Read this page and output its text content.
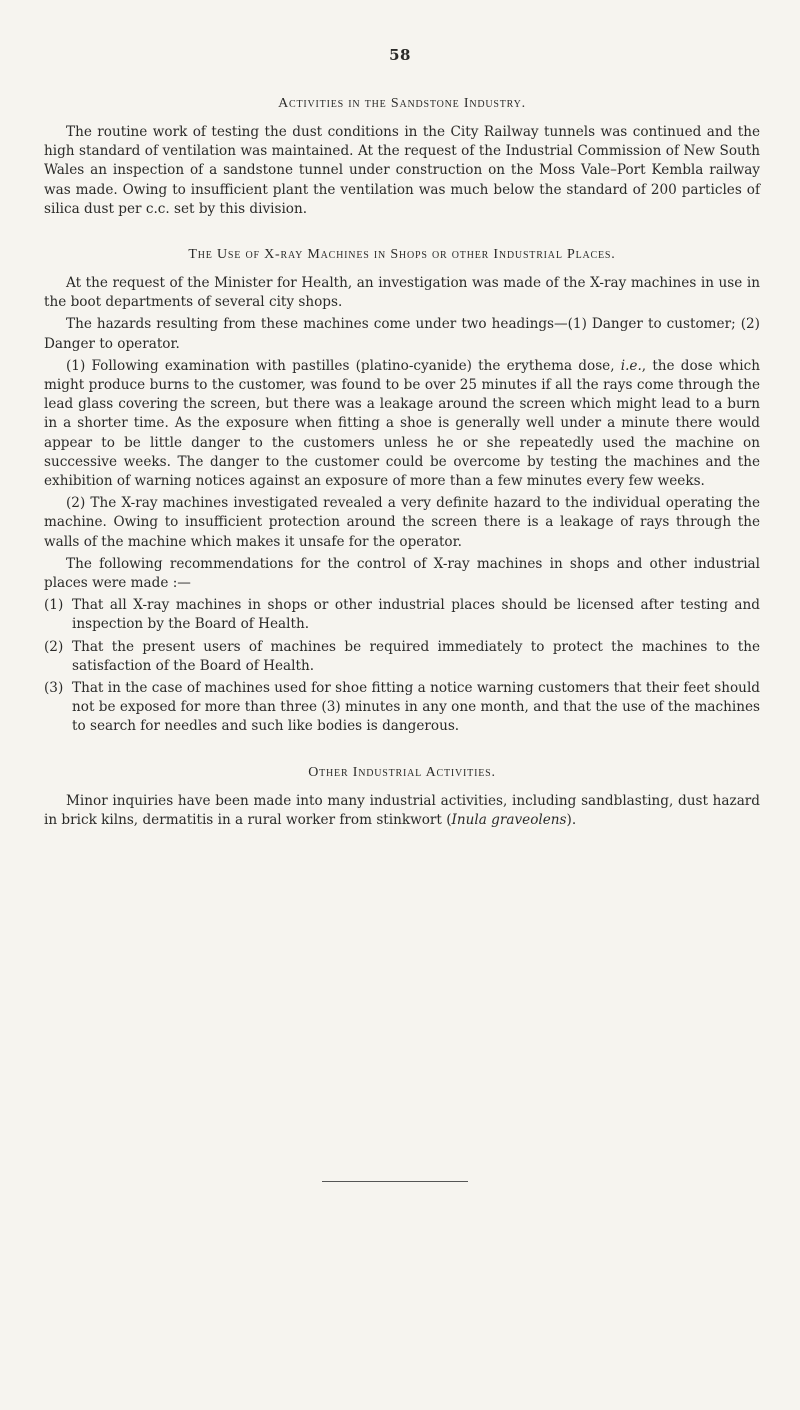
58
Activities in the Sandstone Industry.

The routine work of testing the dust conditions in the City Railway tunnels was continued and the high standard of ventilation was maintained. At the request of the Industrial Commission of New South Wales an inspection of a sandstone tunnel under construction on the Moss Vale–Port Kembla railway was made. Owing to insufficient plant the ventilation was much below the standard of 200 particles of silica dust per c.c. set by this division.

The Use of X-ray Machines in Shops or other Industrial Places.

At the request of the Minister for Health, an investigation was made of the X-ray machines in use in the boot departments of several city shops.

The hazards resulting from these machines come under two headings—(1) Danger to customer; (2) Danger to operator.

(1) Following examination with pastilles (platino-cyanide) the erythema dose, i.e., the dose which might produce burns to the customer, was found to be over 25 minutes if all the rays come through the lead glass covering the screen, but there was a leakage around the screen which might lead to a burn in a shorter time. As the exposure when fitting a shoe is generally well under a minute there would appear to be little danger to the customers unless he or she repeatedly used the machine on successive weeks. The danger to the customer could be overcome by testing the machines and the exhibition of warning notices against an exposure of more than a few minutes every few weeks.

(2) The X-ray machines investigated revealed a very definite hazard to the individual operating the machine. Owing to insufficient protection around the screen there is a leakage of rays through the walls of the machine which makes it unsafe for the operator.

The following recommendations for the control of X-ray machines in shops and other industrial places were made :—

(1) That all X-ray machines in shops or other industrial places should be licensed after testing and inspection by the Board of Health.
(2) That the present users of machines be required immediately to protect the machines to the satisfaction of the Board of Health.
(3) That in the case of machines used for shoe fitting a notice warning customers that their feet should not be exposed for more than three (3) minutes in any one month, and that the use of the machines to search for needles and such like bodies is dangerous.
Other Industrial Activities.

Minor inquiries have been made into many industrial activities, including sandblasting, dust hazard in brick kilns, dermatitis in a rural worker from stinkwort (Inula graveolens).
